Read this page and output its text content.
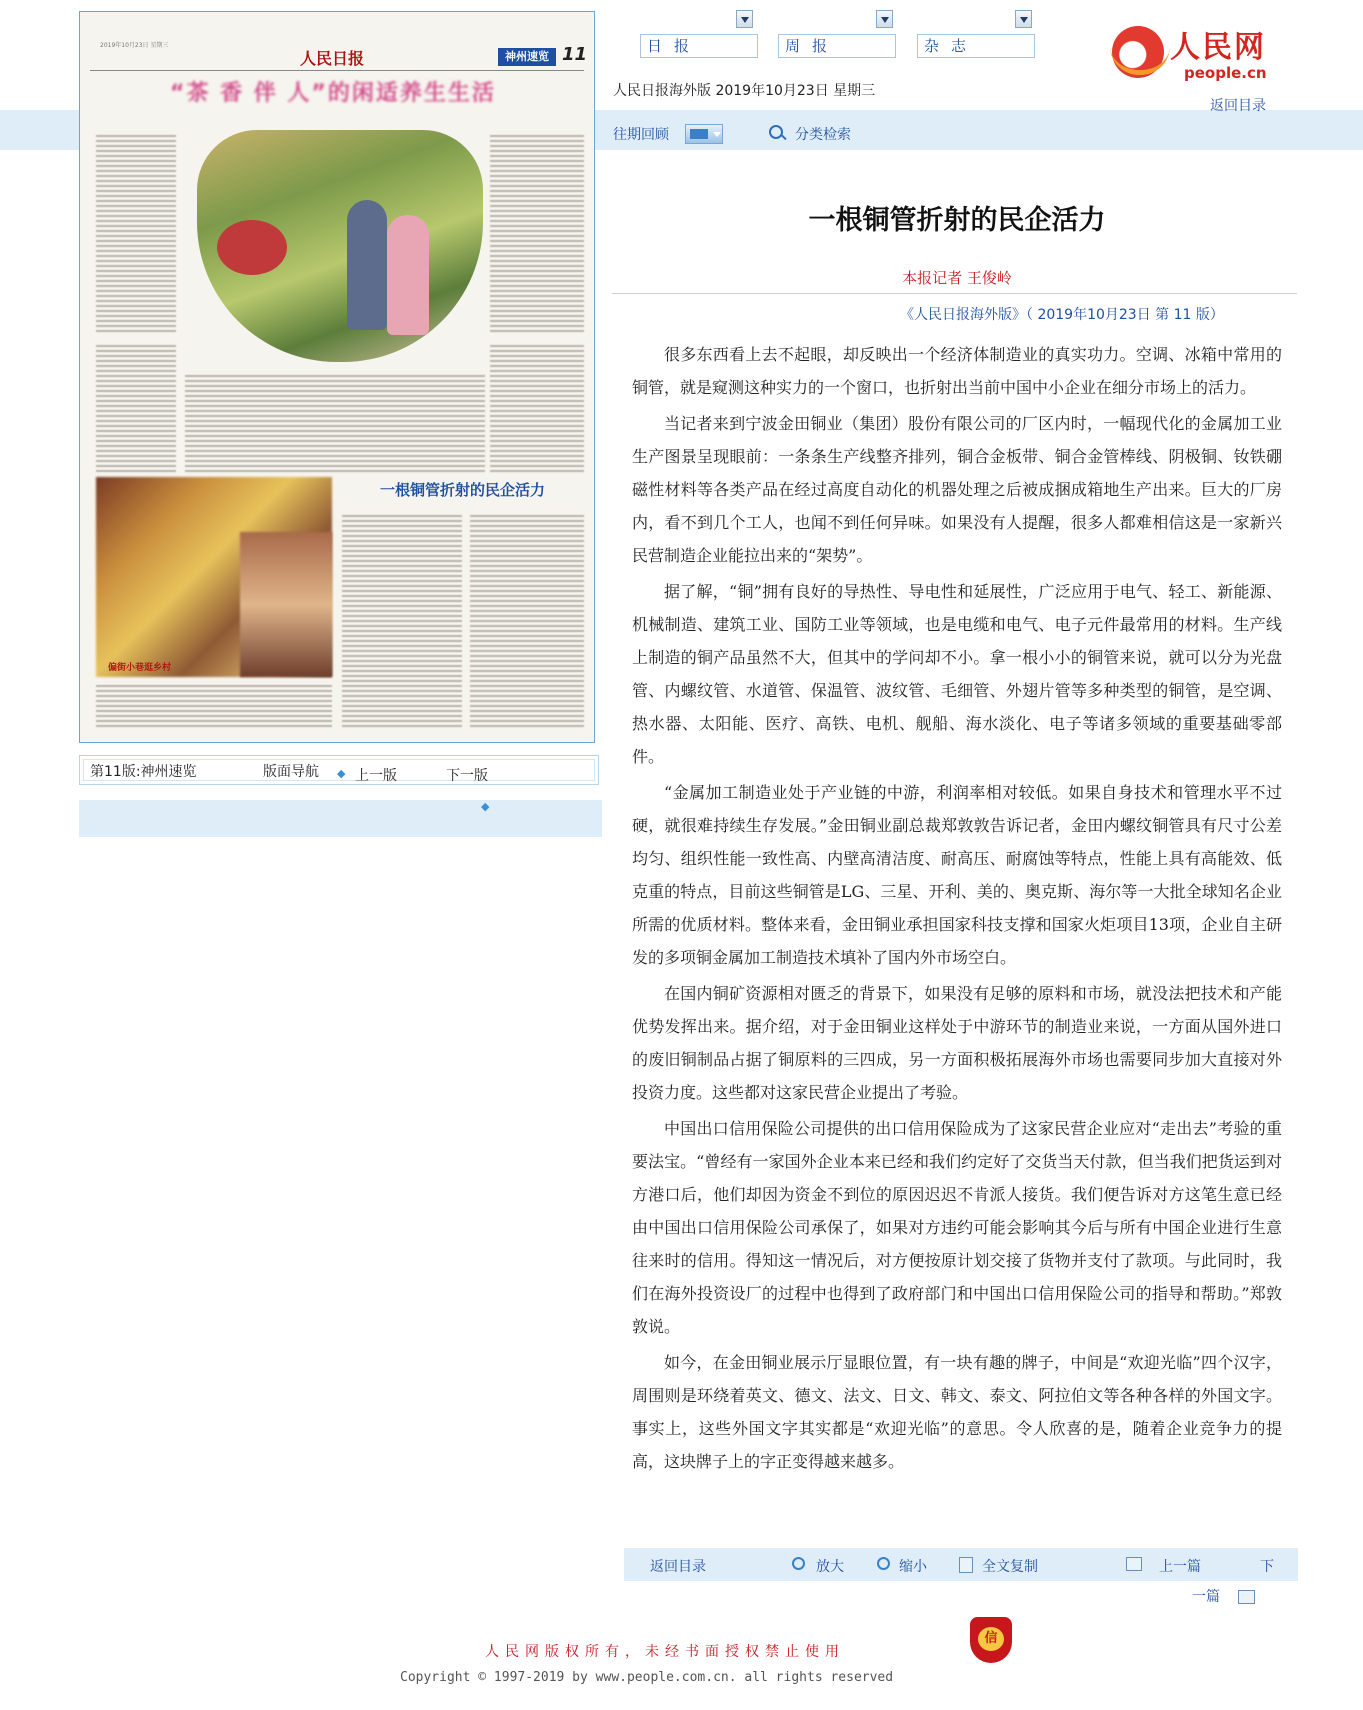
2019年10月23日 星期三
人民日报	神州速览 11
“茶 香 伴 人”的闲适养生生活
一根铜管折射的民企活力
偏街小巷逛乡村
第11版:神州速览	版面导航 ◆ 上一版	下一版
◆
日报	周报	杂志
人民日报海外版 2019年10月23日 星期三
人民网
people.cn
返回目录
往期回顾	分类检索
一根铜管折射的民企活力
本报记者 王俊岭
《人民日报海外版》（ 2019年10月23日 第 11 版）

很多东西看上去不起眼，却反映出一个经济体制造业的真实功力。空调、冰箱中常用的铜管，就是窥测这种实力的一个窗口，也折射出当前中国中小企业在细分市场上的活力。

当记者来到宁波金田铜业（集团）股份有限公司的厂区内时，一幅现代化的金属加工业生产图景呈现眼前：一条条生产线整齐排列，铜合金板带、铜合金管棒线、阴极铜、钕铁硼磁性材料等各类产品在经过高度自动化的机器处理之后被成捆成箱地生产出来。巨大的厂房内，看不到几个工人，也闻不到任何异味。如果没有人提醒，很多人都难相信这是一家新兴民营制造企业能拉出来的“架势”。

据了解，“铜”拥有良好的导热性、导电性和延展性，广泛应用于电气、轻工、新能源、机械制造、建筑工业、国防工业等领域，也是电缆和电气、电子元件最常用的材料。生产线上制造的铜产品虽然不大，但其中的学问却不小。拿一根小小的铜管来说，就可以分为光盘管、内螺纹管、水道管、保温管、波纹管、毛细管、外翅片管等多种类型的铜管，是空调、热水器、太阳能、医疗、高铁、电机、舰船、海水淡化、电子等诸多领域的重要基础零部件。

“金属加工制造业处于产业链的中游，利润率相对较低。如果自身技术和管理水平不过硬，就很难持续生存发展。”金田铜业副总裁郑敦敦告诉记者，金田内螺纹铜管具有尺寸公差均匀、组织性能一致性高、内壁高清洁度、耐高压、耐腐蚀等特点，性能上具有高能效、低克重的特点，目前这些铜管是LG、三星、开利、美的、奥克斯、海尔等一大批全球知名企业所需的优质材料。整体来看，金田铜业承担国家科技支撑和国家火炬项目13项，企业自主研发的多项铜金属加工制造技术填补了国内外市场空白。

在国内铜矿资源相对匮乏的背景下，如果没有足够的原料和市场，就没法把技术和产能优势发挥出来。据介绍，对于金田铜业这样处于中游环节的制造业来说，一方面从国外进口的废旧铜制品占据了铜原料的三四成，另一方面积极拓展海外市场也需要同步加大直接对外投资力度。这些都对这家民营企业提出了考验。

中国出口信用保险公司提供的出口信用保险成为了这家民营企业应对“走出去”考验的重要法宝。“曾经有一家国外企业本来已经和我们约定好了交货当天付款，但当我们把货运到对方港口后，他们却因为资金不到位的原因迟迟不肯派人接货。我们便告诉对方这笔生意已经由中国出口信用保险公司承保了，如果对方违约可能会影响其今后与所有中国企业进行生意往来时的信用。得知这一情况后，对方便按原计划交接了货物并支付了款项。与此同时，我们在海外投资设厂的过程中也得到了政府部门和中国出口信用保险公司的指导和帮助。”郑敦敦说。

如今，在金田铜业展示厅显眼位置，有一块有趣的牌子，中间是“欢迎光临”四个汉字，周围则是环绕着英文、德文、法文、日文、韩文、泰文、阿拉伯文等各种各样的外国文字。事实上，这些外国文字其实都是“欢迎光临”的意思。令人欣喜的是，随着企业竞争力的提高，这块牌子上的字正变得越来越多。

返回目录	放大	缩小	全文复制	上一篇	下
一篇
人民网版权所有，未经书面授权禁止使用
信
Copyright © 1997-2019 by www.people.com.cn. all rights reserved
